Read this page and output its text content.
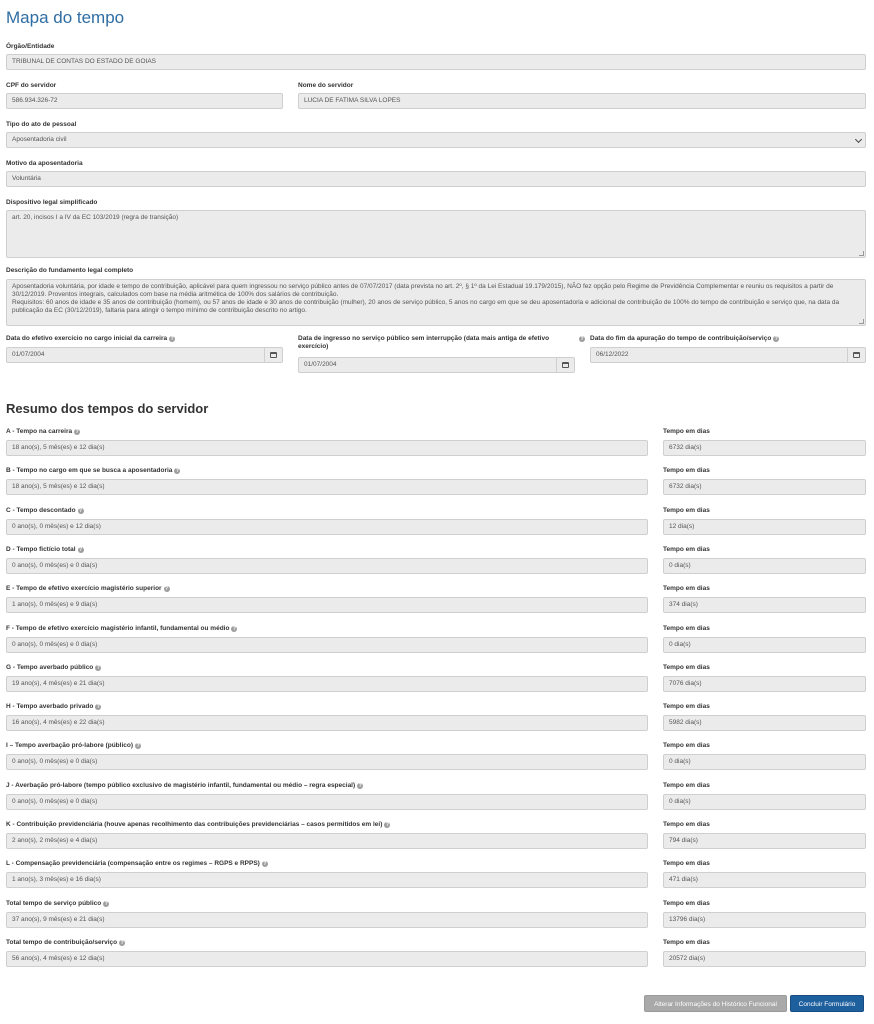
Mapa do tempo
Órgão/Entidade
TRIBUNAL DE CONTAS DO ESTADO DE GOIAS
CPF do servidor
586.934.326-72
Nome do servidor
LUCIA DE FATIMA SILVA LOPES
Tipo do ato de pessoal
Aposentadoria civil
Motivo da aposentadoria
Voluntária
Dispositivo legal simplificado
art. 20, incisos I a IV da EC 103/2019 (regra de transição)
Descrição do fundamento legal completo
Aposentadoria voluntária, por idade e tempo de contribuição, aplicável para quem ingressou no serviço público antes de 07/07/2017 (data prevista no art. 2º, § 1º da Lei Estadual 19.179/2015), NÃO fez opção pelo Regime de Previdência Complementar e reuniu os requisitos a partir de 30/12/2019. Proventos integrais, calculados com base na média aritmética de 100% dos salários de contribuição.
Requisitos: 60 anos de idade e 35 anos de contribuição (homem), ou 57 anos de idade e 30 anos de contribuição (mulher), 20 anos de serviço público, 5 anos no cargo em que se deu aposentadoria e adicional de contribuição de 100% do tempo de contribuição e serviço que, na data da publicação da EC (30/12/2019), faltaria para atingir o tempo mínimo de contribuição descrito no artigo.
Data do efetivo exercício no cargo inicial da carreira ?
01/07/2004
Data de ingresso no serviço público sem interrupção (data mais antiga de efetivo exercício)
?
01/07/2004
Data do fim da apuração do tempo de contribuição/serviço ?
06/12/2022
Resumo dos tempos do servidor
A - Tempo na carreira ?
18 ano(s), 5 mês(es) e 12 dia(s)
Tempo em dias
6732 dia(s)
B - Tempo no cargo em que se busca a aposentadoria ?
18 ano(s), 5 mês(es) e 12 dia(s)
Tempo em dias
6732 dia(s)
C - Tempo descontado ?
0 ano(s), 0 mês(es) e 12 dia(s)
Tempo em dias
12 dia(s)
D - Tempo fictício total ?
0 ano(s), 0 mês(es) e 0 dia(s)
Tempo em dias
0 dia(s)
E - Tempo de efetivo exercício magistério superior ?
1 ano(s), 0 mês(es) e 9 dia(s)
Tempo em dias
374 dia(s)
F - Tempo de efetivo exercício magistério infantil, fundamental ou médio ?
0 ano(s), 0 mês(es) e 0 dia(s)
Tempo em dias
0 dia(s)
G - Tempo averbado público ?
19 ano(s), 4 mês(es) e 21 dia(s)
Tempo em dias
7076 dia(s)
H - Tempo averbado privado ?
16 ano(s), 4 mês(es) e 22 dia(s)
Tempo em dias
5982 dia(s)
I – Tempo averbação pró-labore (público) ?
0 ano(s), 0 mês(es) e 0 dia(s)
Tempo em dias
0 dia(s)
J - Averbação pró-labore (tempo público exclusivo de magistério infantil, fundamental ou médio – regra especial) ?
0 ano(s), 0 mês(es) e 0 dia(s)
Tempo em dias
0 dia(s)
K - Contribuição previdenciária (houve apenas recolhimento das contribuições previdenciárias – casos permitidos em lei) ?
2 ano(s), 2 mês(es) e 4 dia(s)
Tempo em dias
794 dia(s)
L - Compensação previdenciária (compensação entre os regimes – RGPS e RPPS) ?
1 ano(s), 3 mês(es) e 16 dia(s)
Tempo em dias
471 dia(s)
Total tempo de serviço público ?
37 ano(s), 9 mês(es) e 21 dia(s)
Tempo em dias
13796 dia(s)
Total tempo de contribuição/serviço ?
56 ano(s), 4 mês(es) e 12 dia(s)
Tempo em dias
20572 dia(s)
Alterar Informações do Histórico Funcional	Concluir Formulário
